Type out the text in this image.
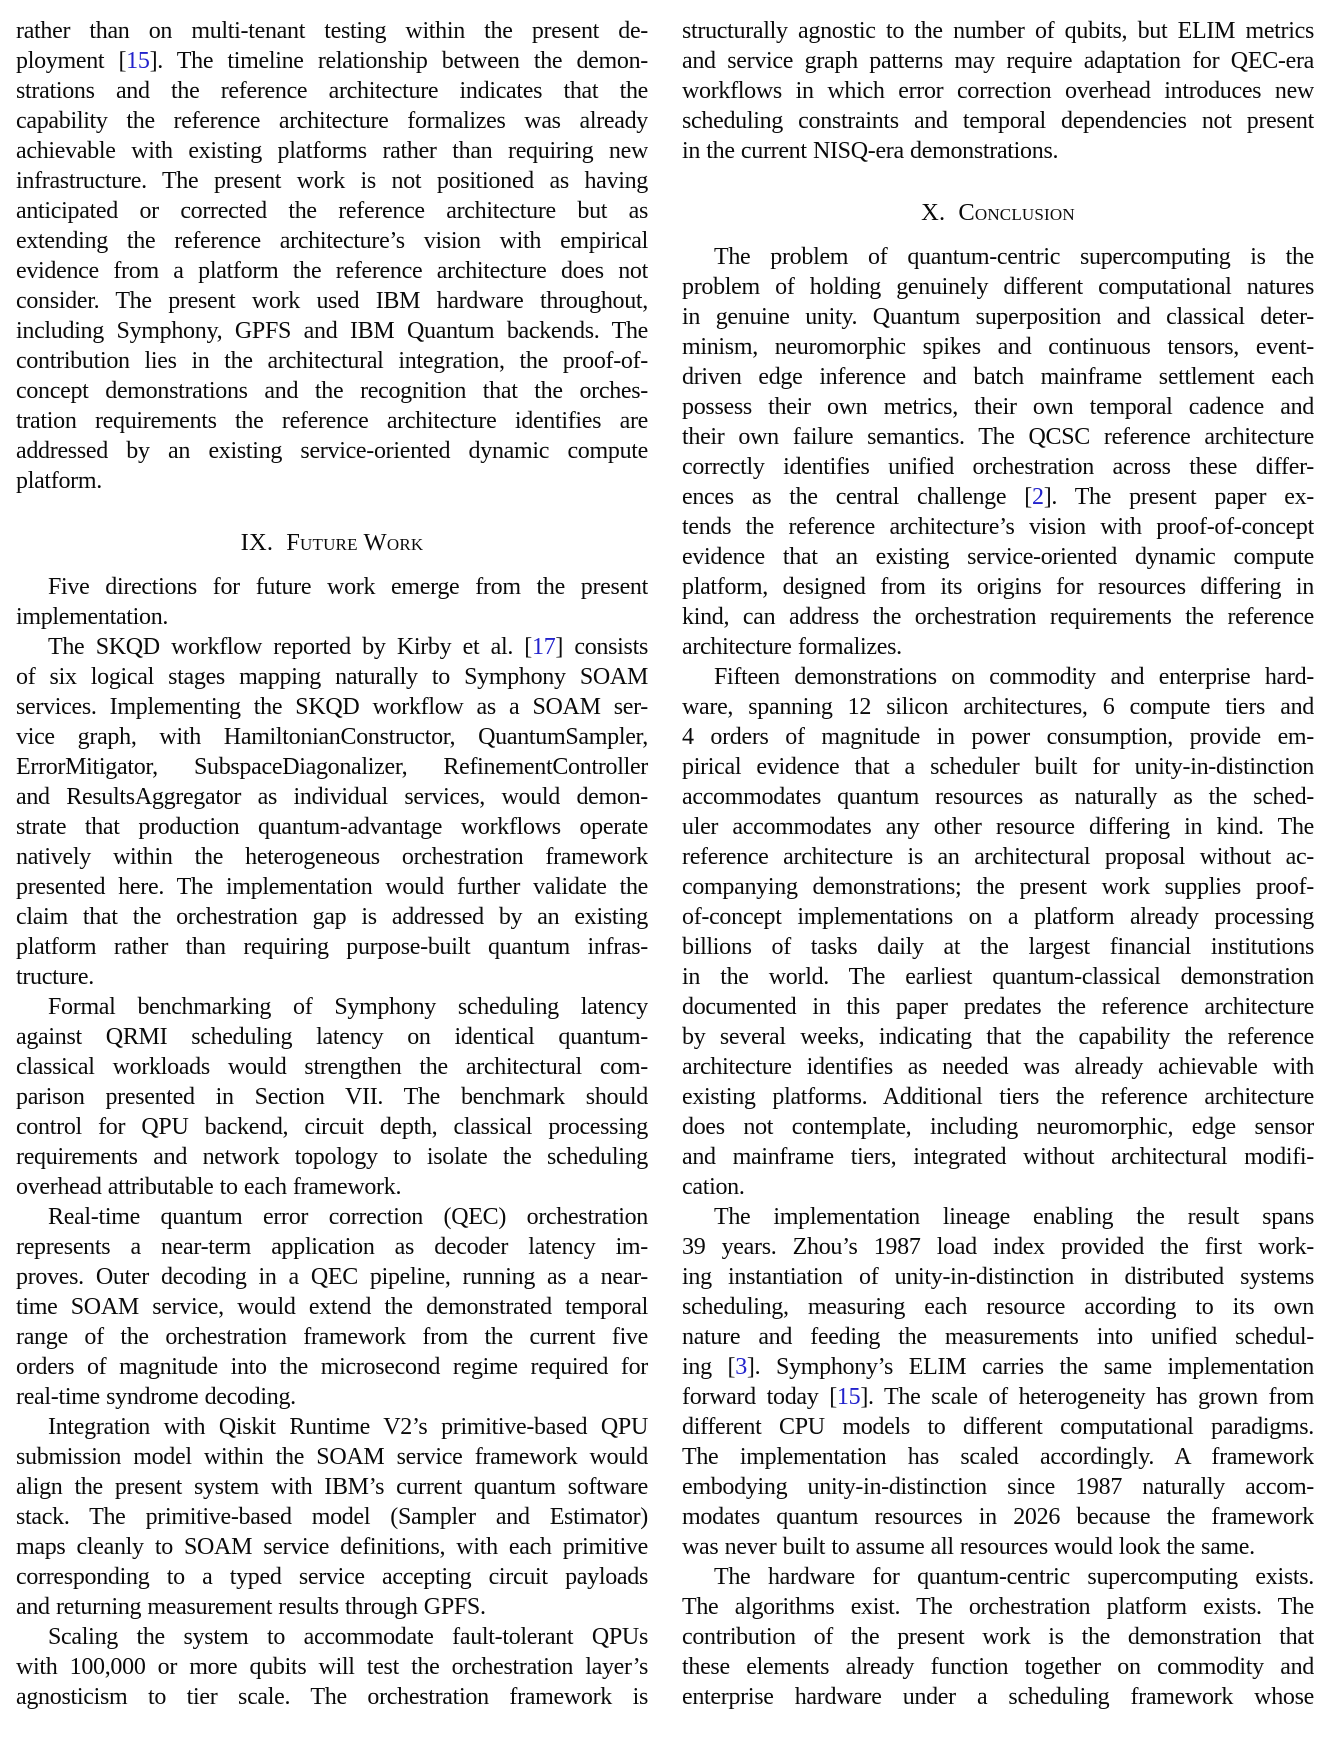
rather than on multi-tenant testing within the present de-
ployment [15]. The timeline relationship between the demon-
strations and the reference architecture indicates that the
capability the reference architecture formalizes was already
achievable with existing platforms rather than requiring new
infrastructure. The present work is not positioned as having
anticipated or corrected the reference architecture but as
extending the reference architecture’s vision with empirical
evidence from a platform the reference architecture does not
consider. The present work used IBM hardware throughout,
including Symphony, GPFS and IBM Quantum backends. The
contribution lies in the architectural integration, the proof-of-
concept demonstrations and the recognition that the orches-
tration requirements the reference architecture identifies are
addressed by an existing service-oriented dynamic compute
platform.
IX. Future Work
Five directions for future work emerge from the present
implementation.
The SKQD workflow reported by Kirby et al. [17] consists
of six logical stages mapping naturally to Symphony SOAM
services. Implementing the SKQD workflow as a SOAM ser-
vice graph, with HamiltonianConstructor, QuantumSampler,
ErrorMitigator, SubspaceDiagonalizer, RefinementController
and ResultsAggregator as individual services, would demon-
strate that production quantum-advantage workflows operate
natively within the heterogeneous orchestration framework
presented here. The implementation would further validate the
claim that the orchestration gap is addressed by an existing
platform rather than requiring purpose-built quantum infras-
tructure.
Formal benchmarking of Symphony scheduling latency
against QRMI scheduling latency on identical quantum-
classical workloads would strengthen the architectural com-
parison presented in Section VII. The benchmark should
control for QPU backend, circuit depth, classical processing
requirements and network topology to isolate the scheduling
overhead attributable to each framework.
Real-time quantum error correction (QEC) orchestration
represents a near-term application as decoder latency im-
proves. Outer decoding in a QEC pipeline, running as a near-
time SOAM service, would extend the demonstrated temporal
range of the orchestration framework from the current five
orders of magnitude into the microsecond regime required for
real-time syndrome decoding.
Integration with Qiskit Runtime V2’s primitive-based QPU
submission model within the SOAM service framework would
align the present system with IBM’s current quantum software
stack. The primitive-based model (Sampler and Estimator)
maps cleanly to SOAM service definitions, with each primitive
corresponding to a typed service accepting circuit payloads
and returning measurement results through GPFS.
Scaling the system to accommodate fault-tolerant QPUs
with 100,000 or more qubits will test the orchestration layer’s
agnosticism to tier scale. The orchestration framework is
structurally agnostic to the number of qubits, but ELIM metrics
and service graph patterns may require adaptation for QEC-era
workflows in which error correction overhead introduces new
scheduling constraints and temporal dependencies not present
in the current NISQ-era demonstrations.
X. Conclusion
The problem of quantum-centric supercomputing is the
problem of holding genuinely different computational natures
in genuine unity. Quantum superposition and classical deter-
minism, neuromorphic spikes and continuous tensors, event-
driven edge inference and batch mainframe settlement each
possess their own metrics, their own temporal cadence and
their own failure semantics. The QCSC reference architecture
correctly identifies unified orchestration across these differ-
ences as the central challenge [2]. The present paper ex-
tends the reference architecture’s vision with proof-of-concept
evidence that an existing service-oriented dynamic compute
platform, designed from its origins for resources differing in
kind, can address the orchestration requirements the reference
architecture formalizes.
Fifteen demonstrations on commodity and enterprise hard-
ware, spanning 12 silicon architectures, 6 compute tiers and
4 orders of magnitude in power consumption, provide em-
pirical evidence that a scheduler built for unity-in-distinction
accommodates quantum resources as naturally as the sched-
uler accommodates any other resource differing in kind. The
reference architecture is an architectural proposal without ac-
companying demonstrations; the present work supplies proof-
of-concept implementations on a platform already processing
billions of tasks daily at the largest financial institutions
in the world. The earliest quantum-classical demonstration
documented in this paper predates the reference architecture
by several weeks, indicating that the capability the reference
architecture identifies as needed was already achievable with
existing platforms. Additional tiers the reference architecture
does not contemplate, including neuromorphic, edge sensor
and mainframe tiers, integrated without architectural modifi-
cation.
The implementation lineage enabling the result spans
39 years. Zhou’s 1987 load index provided the first work-
ing instantiation of unity-in-distinction in distributed systems
scheduling, measuring each resource according to its own
nature and feeding the measurements into unified schedul-
ing [3]. Symphony’s ELIM carries the same implementation
forward today [15]. The scale of heterogeneity has grown from
different CPU models to different computational paradigms.
The implementation has scaled accordingly. A framework
embodying unity-in-distinction since 1987 naturally accom-
modates quantum resources in 2026 because the framework
was never built to assume all resources would look the same.
The hardware for quantum-centric supercomputing exists.
The algorithms exist. The orchestration platform exists. The
contribution of the present work is the demonstration that
these elements already function together on commodity and
enterprise hardware under a scheduling framework whose
